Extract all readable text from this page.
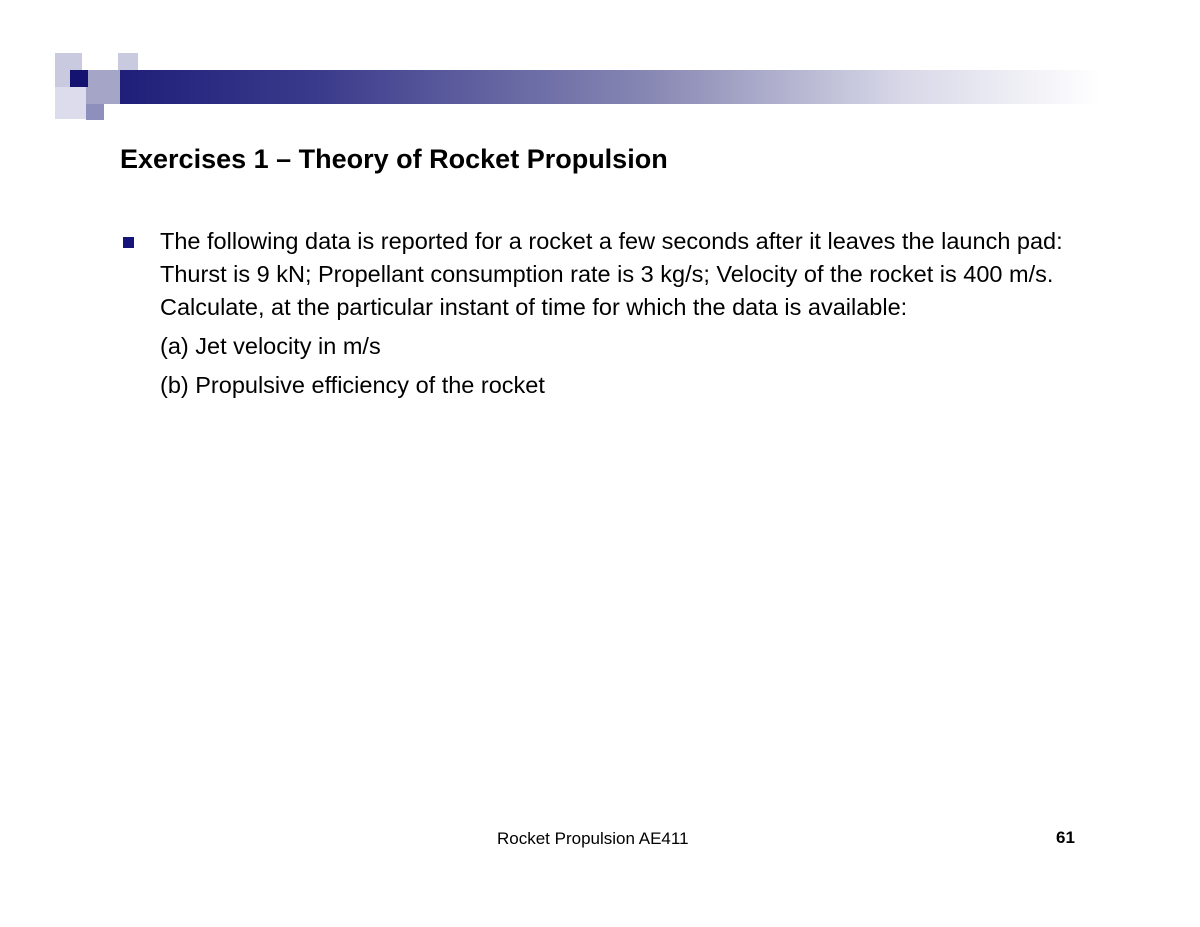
Exercises 1 – Theory of Rocket Propulsion

The following data is reported for a rocket a few seconds after it leaves the launch pad: Thurst is 9 kN; Propellant consumption rate is 3 kg/s; Velocity of the rocket is 400 m/s. Calculate, at the particular instant of time for which the data is available:

(a) Jet velocity in m/s
(b) Propulsive efficiency of the rocket
Rocket Propulsion AE411	61
